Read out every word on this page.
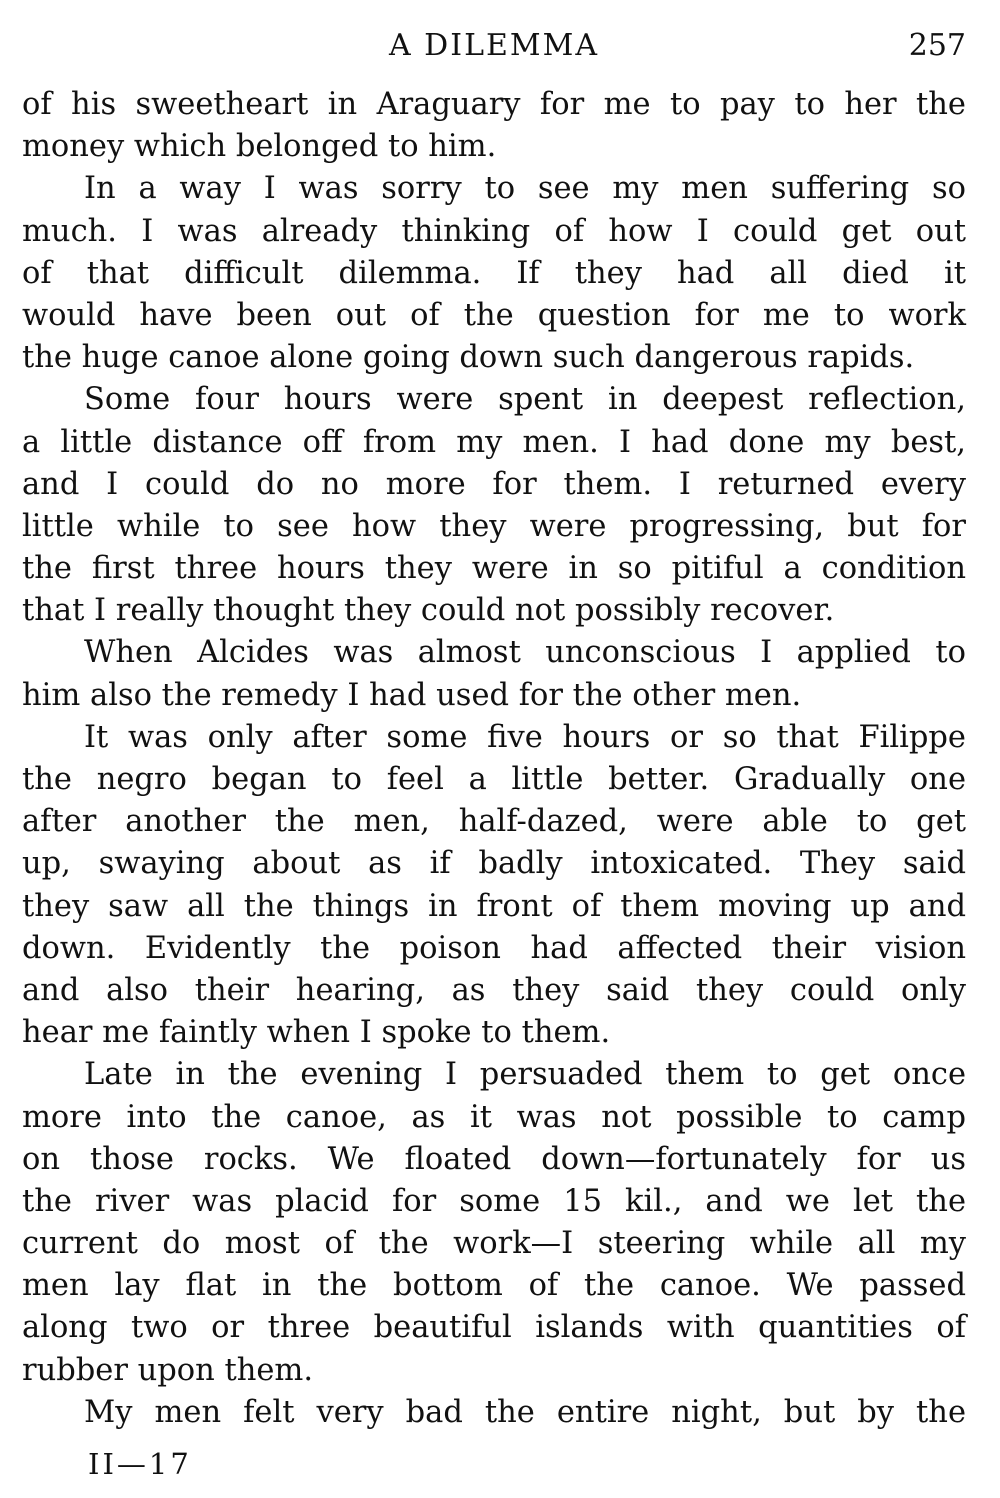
A DILEMMA	257
of his sweetheart in Araguary for me to pay to her the
money which belonged to him.
In a way I was sorry to see my men suffering so
much. I was already thinking of how I could get out
of that difficult dilemma. If they had all died it
would have been out of the question for me to work
the huge canoe alone going down such dangerous rapids.
Some four hours were spent in deepest reflection,
a little distance off from my men. I had done my best,
and I could do no more for them. I returned every
little while to see how they were progressing, but for
the first three hours they were in so pitiful a condition
that I really thought they could not possibly recover.
When Alcides was almost unconscious I applied to
him also the remedy I had used for the other men.
It was only after some five hours or so that Filippe
the negro began to feel a little better. Gradually one
after another the men, half-dazed, were able to get
up, swaying about as if badly intoxicated. They said
they saw all the things in front of them moving up and
down. Evidently the poison had affected their vision
and also their hearing, as they said they could only
hear me faintly when I spoke to them.
Late in the evening I persuaded them to get once
more into the canoe, as it was not possible to camp
on those rocks. We floated down—fortunately for us
the river was placid for some 15 kil., and we let the
current do most of the work—I steering while all my
men lay flat in the bottom of the canoe. We passed
along two or three beautiful islands with quantities of
rubber upon them.
My men felt very bad the entire night, but by the
II—17
